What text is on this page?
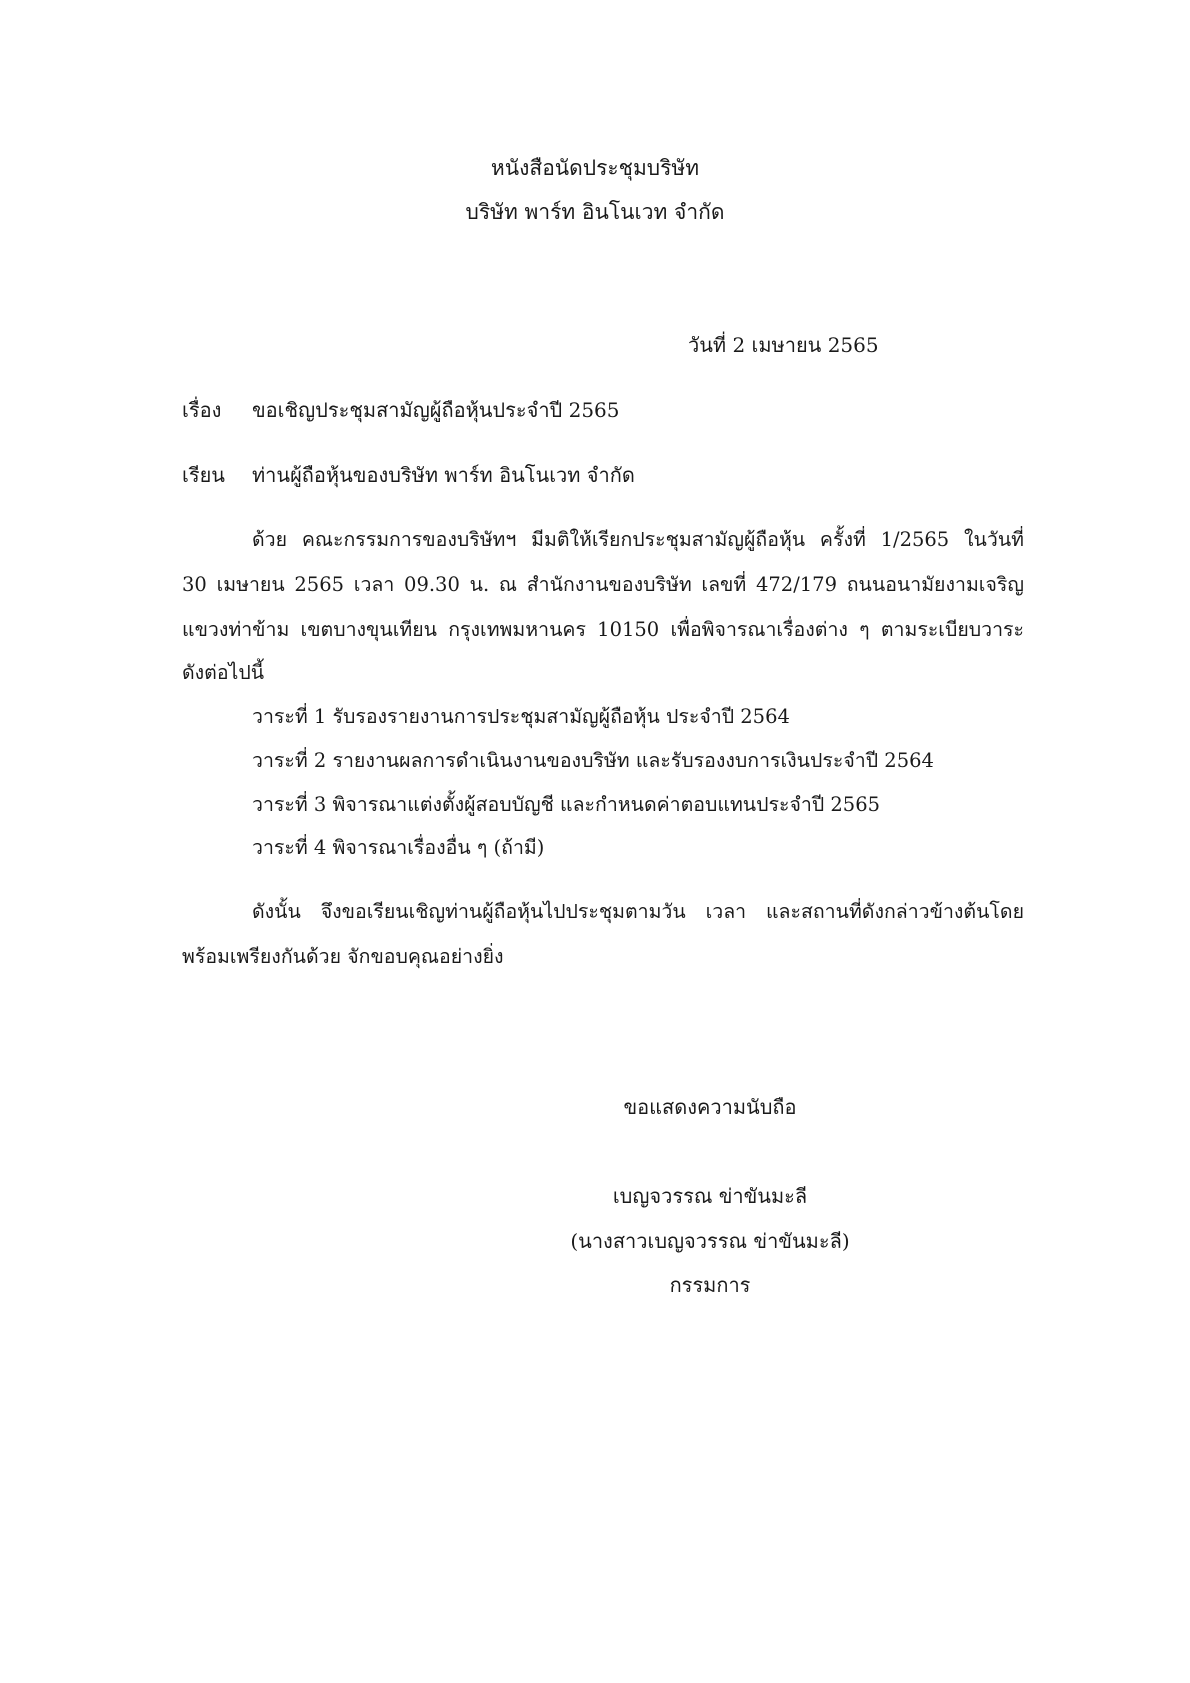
หนังสือนัดประชุมบริษัท
บริษัท พาร์ท อินโนเวท จำกัด
วันที่ 2 เมษายน 2565
เรื่อง ขอเชิญประชุมสามัญผู้ถือหุ้นประจำปี 2565
เรียน ท่านผู้ถือหุ้นของบริษัท พาร์ท อินโนเวท จำกัด
ด้วย คณะกรรมการของบริษัทฯ มีมติให้เรียกประชุมสามัญผู้ถือหุ้น ครั้งที่ 1/2565 ในวันที่
30 เมษายน 2565 เวลา 09.30 น. ณ สำนักงานของบริษัท เลขที่ 472/179 ถนนอนามัยงามเจริญ
แขวงท่าข้าม เขตบางขุนเทียน กรุงเทพมหานคร 10150 เพื่อพิจารณาเรื่องต่าง ๆ ตามระเบียบวาระ
ดังต่อไปนี้
วาระที่ 1 รับรองรายงานการประชุมสามัญผู้ถือหุ้น ประจำปี 2564
วาระที่ 2 รายงานผลการดำเนินงานของบริษัท และรับรองงบการเงินประจำปี 2564
วาระที่ 3 พิจารณาแต่งตั้งผู้สอบบัญชี และกำหนดค่าตอบแทนประจำปี 2565
วาระที่ 4 พิจารณาเรื่องอื่น ๆ (ถ้ามี)
ดังนั้น จึงขอเรียนเชิญท่านผู้ถือหุ้นไปประชุมตามวัน เวลา และสถานที่ดังกล่าวข้างต้นโดย
พร้อมเพรียงกันด้วย จักขอบคุณอย่างยิ่ง
ขอแสดงความนับถือ
เบญจวรรณ ข่าขันมะลี
(นางสาวเบญจวรรณ ข่าขันมะลี)
กรรมการ
